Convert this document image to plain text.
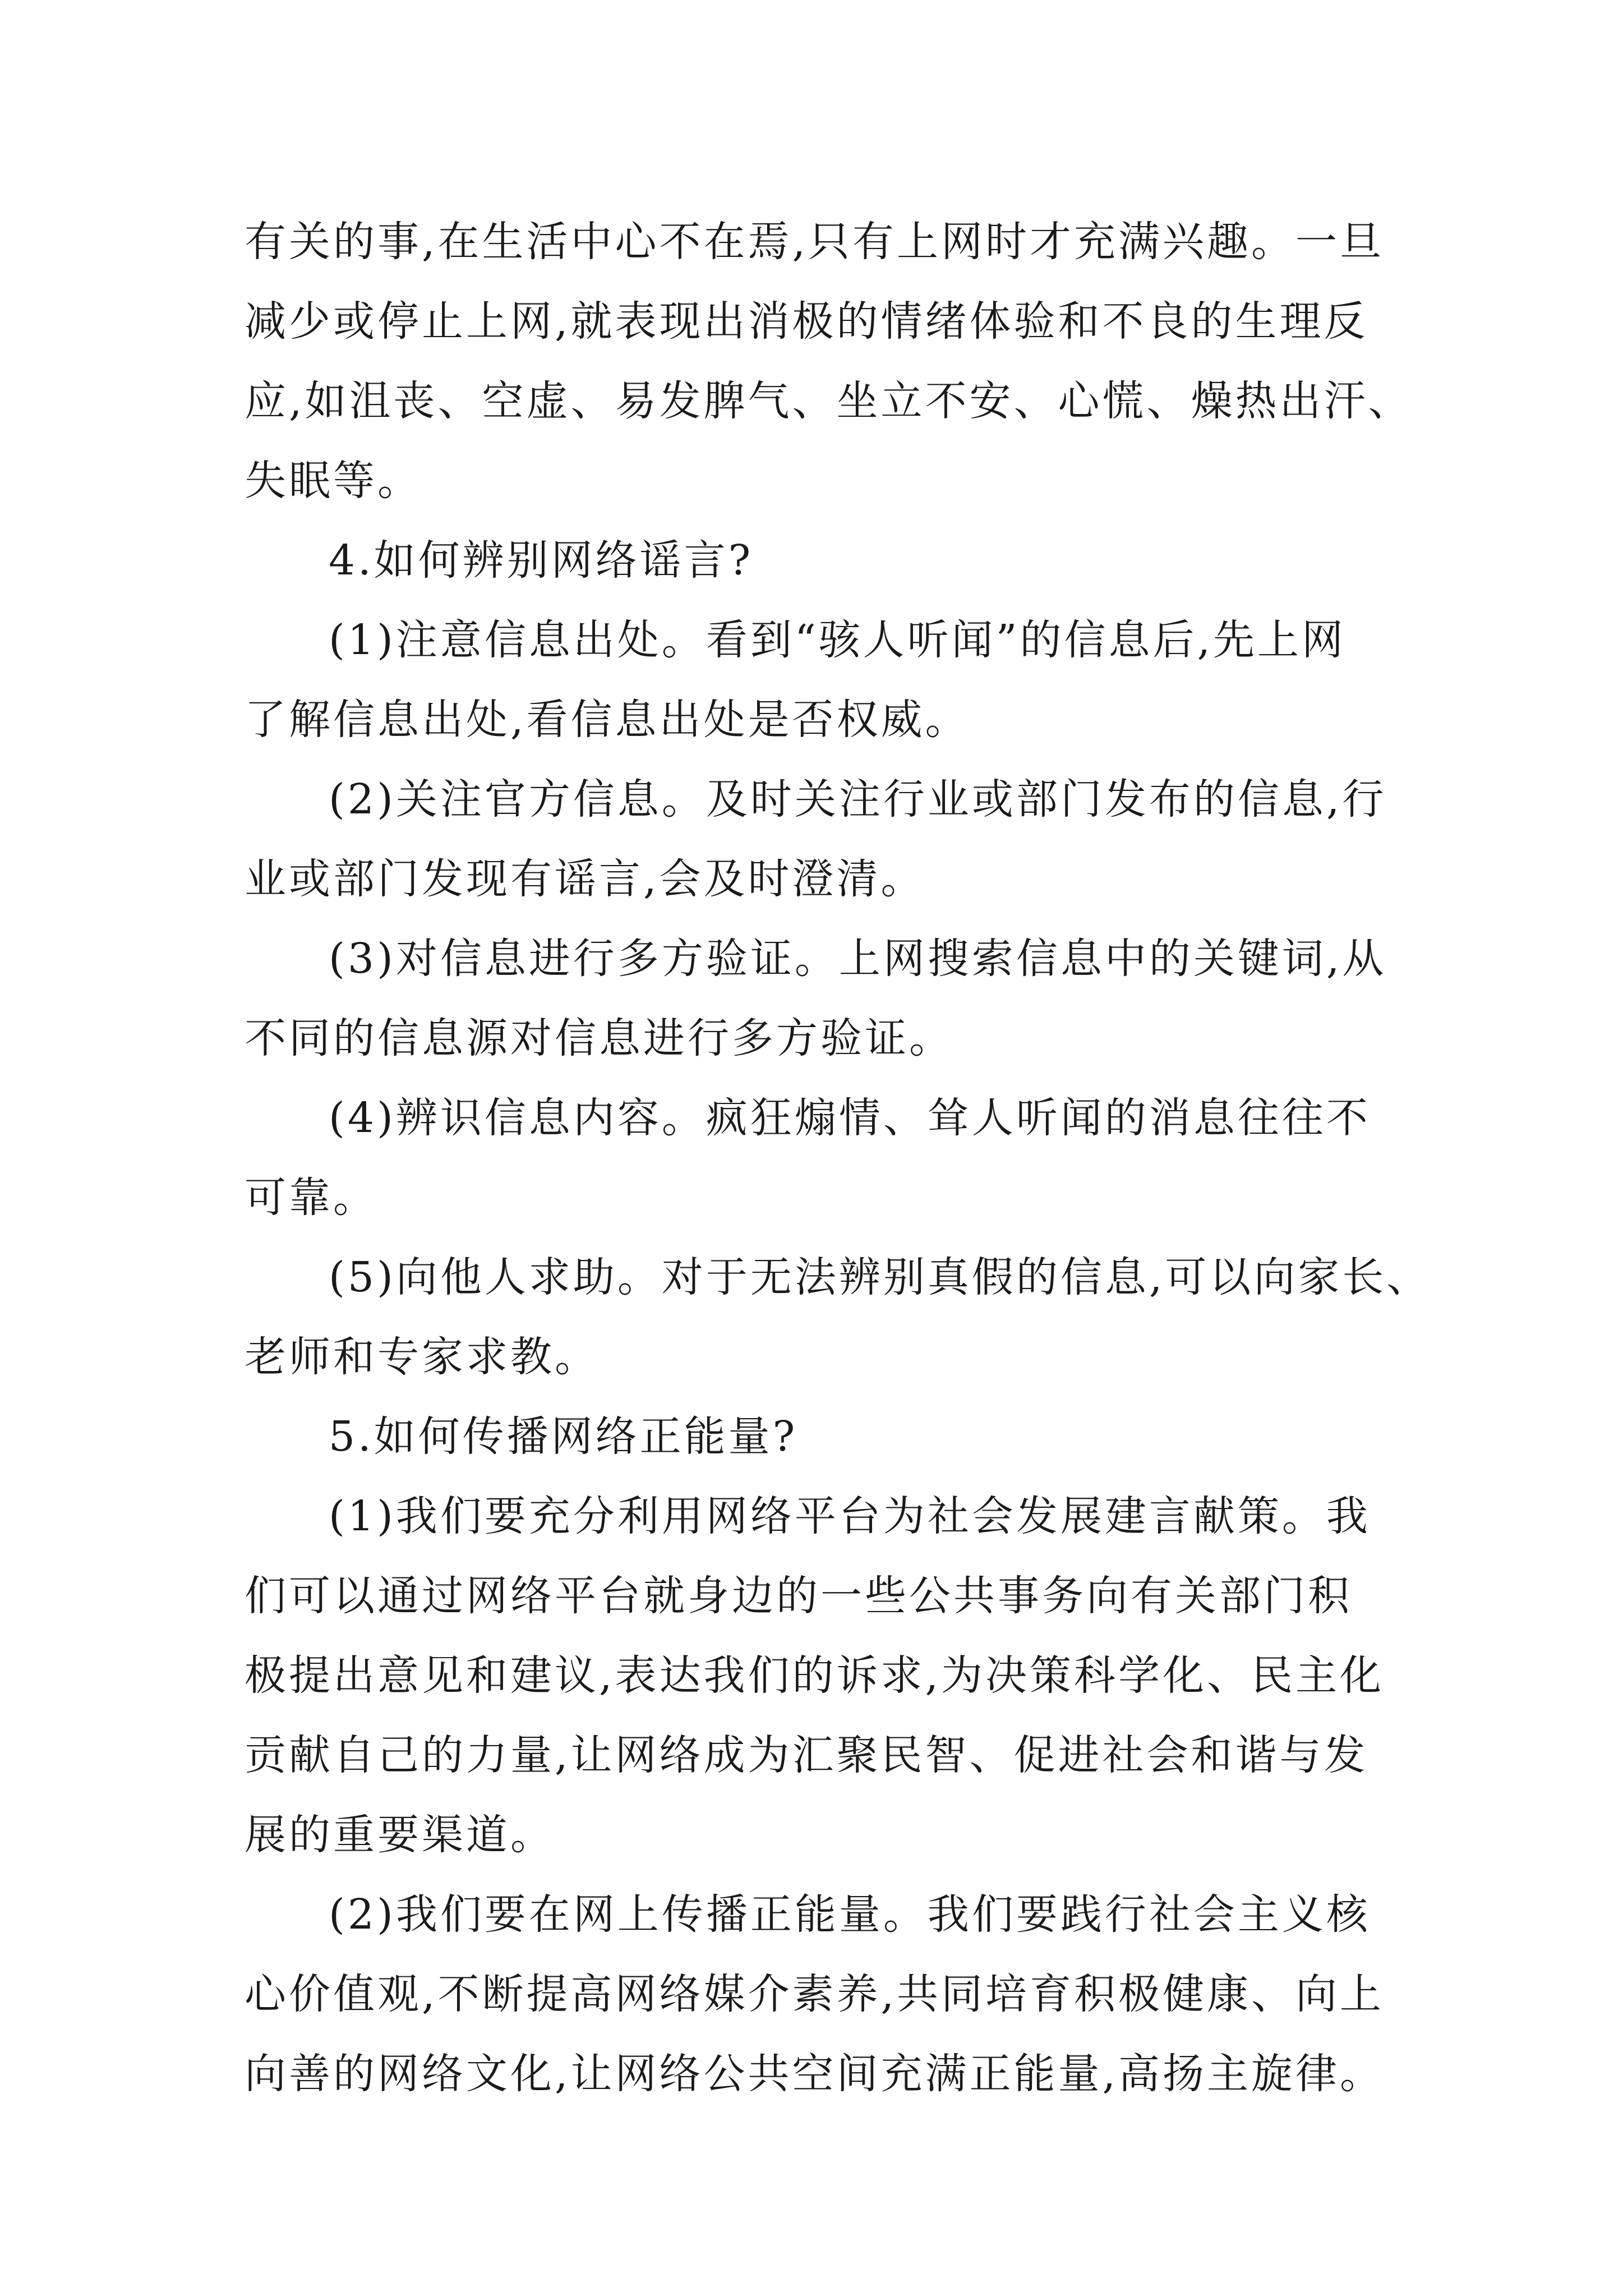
有关的事,在生活中心不在焉,只有上网时才充满兴趣。一旦
减少或停止上网,就表现出消极的情绪体验和不良的生理反
应,如沮丧、空虚、易发脾气、坐立不安、心慌、燥热出汗、
失眠等。
4.如何辨别网络谣言?
(1)注意信息出处。看到“骇人听闻”的信息后,先上网
了解信息出处,看信息出处是否权威。
(2)关注官方信息。及时关注行业或部门发布的信息,行
业或部门发现有谣言,会及时澄清。
(3)对信息进行多方验证。上网搜索信息中的关键词,从
不同的信息源对信息进行多方验证。
(4)辨识信息内容。疯狂煽情、耸人听闻的消息往往不
可靠。
(5)向他人求助。对于无法辨别真假的信息,可以向家长、
老师和专家求教。
5.如何传播网络正能量?
(1)我们要充分利用网络平台为社会发展建言献策。我
们可以通过网络平台就身边的一些公共事务向有关部门积
极提出意见和建议,表达我们的诉求,为决策科学化、民主化
贡献自己的力量,让网络成为汇聚民智、促进社会和谐与发
展的重要渠道。
(2)我们要在网上传播正能量。我们要践行社会主义核
心价值观,不断提高网络媒介素养,共同培育积极健康、向上
向善的网络文化,让网络公共空间充满正能量,高扬主旋律。
